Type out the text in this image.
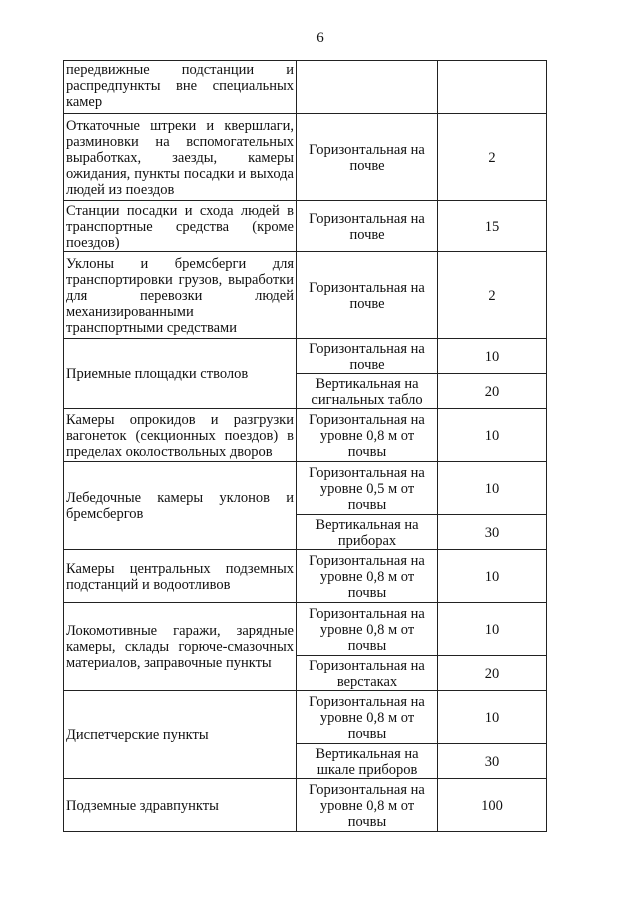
6
передвижные подстанции и распредпункты вне специальных камер		
Откаточные штреки и квершлаги, разминовки на вспомогательных выработках, заезды, камеры ожидания, пункты посадки и выхода людей из поездов	Горизонтальная на почве	2
Станции посадки и схода людей в транспортные средства (кроме поездов)	Горизонтальная на почве	15
Уклоны и бремсберги для транспортировки грузов, выработки для перевозки людей механизированными транспортными средствами	Горизонтальная на почве	2
Приемные площадки стволов	Горизонтальная на почве	10
	Вертикальная на сигнальных табло	20
Камеры опрокидов и разгрузки вагонеток (секционных поездов) в пределах околоствольных дворов	Горизонтальная на уровне 0,8 м от почвы	10
Лебедочные камеры уклонов и бремсбергов	Горизонтальная на уровне 0,5 м от почвы	10
	Вертикальная на приборах	30
Камеры центральных подземных подстанций и водоотливов	Горизонтальная на уровне 0,8 м от почвы	10
Локомотивные гаражи, зарядные камеры, склады горюче-смазочных материалов, заправочные пункты	Горизонтальная на уровне 0,8 м от почвы	10
	Горизонтальная на верстаках	20
Диспетчерские пункты	Горизонтальная на уровне 0,8 м от почвы	10
	Вертикальная на шкале приборов	30
Подземные здравпункты	Горизонтальная на уровне 0,8 м от почвы	100
